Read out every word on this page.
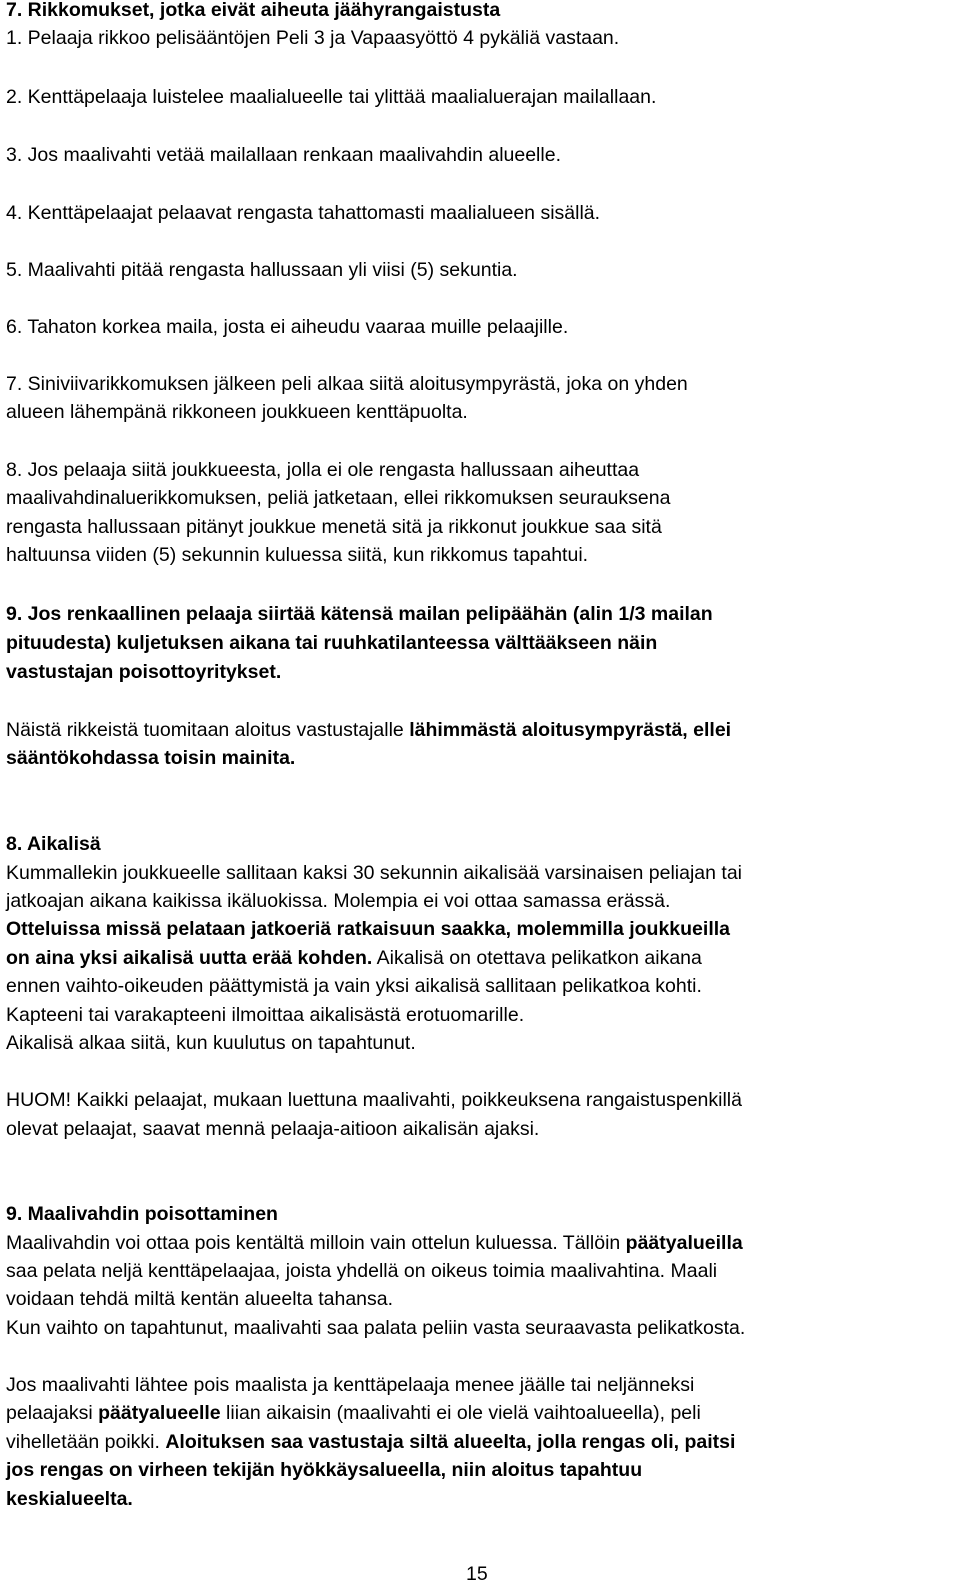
7. Rikkomukset, jotka eivät aiheuta jäähyrangaistusta
1. Pelaaja rikkoo pelisääntöjen Peli 3 ja Vapaasyöttö 4 pykäliä vastaan.
2. Kenttäpelaaja luistelee maalialueelle tai ylittää maalialuerajan mailallaan.
3. Jos maalivahti vetää mailallaan renkaan maalivahdin alueelle.
4. Kenttäpelaajat pelaavat rengasta tahattomasti maalialueen sisällä.
5. Maalivahti pitää rengasta hallussaan yli viisi (5) sekuntia.
6. Tahaton korkea maila, josta ei aiheudu vaaraa muille pelaajille.
7. Siniviivarikkomuksen jälkeen peli alkaa siitä aloitusympyrästä, joka on yhden
alueen lähempänä rikkoneen joukkueen kenttäpuolta.
8. Jos pelaaja siitä joukkueesta, jolla ei ole rengasta hallussaan aiheuttaa
maalivahdinaluerikkomuksen, peliä jatketaan, ellei rikkomuksen seurauksena
rengasta hallussaan pitänyt joukkue menetä sitä ja rikkonut joukkue saa sitä
haltuunsa viiden (5) sekunnin kuluessa siitä, kun rikkomus tapahtui.
9. Jos renkaallinen pelaaja siirtää kätensä mailan pelipäähän (alin 1/3 mailan
pituudesta) kuljetuksen aikana tai ruuhkatilanteessa välttääkseen näin
vastustajan poisottoyritykset.
Näistä rikkeistä tuomitaan aloitus vastustajalle lähimmästä aloitusympyrästä, ellei
sääntökohdassa toisin mainita.
8. Aikalisä
Kummallekin joukkueelle sallitaan kaksi 30 sekunnin aikalisää varsinaisen peliajan tai
jatkoajan aikana kaikissa ikäluokissa. Molempia ei voi ottaa samassa erässä.
Otteluissa missä pelataan jatkoeriä ratkaisuun saakka, molemmilla joukkueilla
on aina yksi aikalisä uutta erää kohden. Aikalisä on otettava pelikatkon aikana
ennen vaihto-oikeuden päättymistä ja vain yksi aikalisä sallitaan pelikatkoa kohti.
Kapteeni tai varakapteeni ilmoittaa aikalisästä erotuomarille.
Aikalisä alkaa siitä, kun kuulutus on tapahtunut.
HUOM! Kaikki pelaajat, mukaan luettuna maalivahti, poikkeuksena rangaistuspenkillä
olevat pelaajat, saavat mennä pelaaja-aitioon aikalisän ajaksi.
9. Maalivahdin poisottaminen
Maalivahdin voi ottaa pois kentältä milloin vain ottelun kuluessa. Tällöin päätyalueilla
saa pelata neljä kenttäpelaajaa, joista yhdellä on oikeus toimia maalivahtina. Maali
voidaan tehdä miltä kentän alueelta tahansa.
Kun vaihto on tapahtunut, maalivahti saa palata peliin vasta seuraavasta pelikatkosta.
Jos maalivahti lähtee pois maalista ja kenttäpelaaja menee jäälle tai neljänneksi
pelaajaksi päätyalueelle liian aikaisin (maalivahti ei ole vielä vaihtoalueella), peli
vihelletään poikki. Aloituksen saa vastustaja siltä alueelta, jolla rengas oli, paitsi
jos rengas on virheen tekijän hyökkäysalueella, niin aloitus tapahtuu
keskialueelta.
15
